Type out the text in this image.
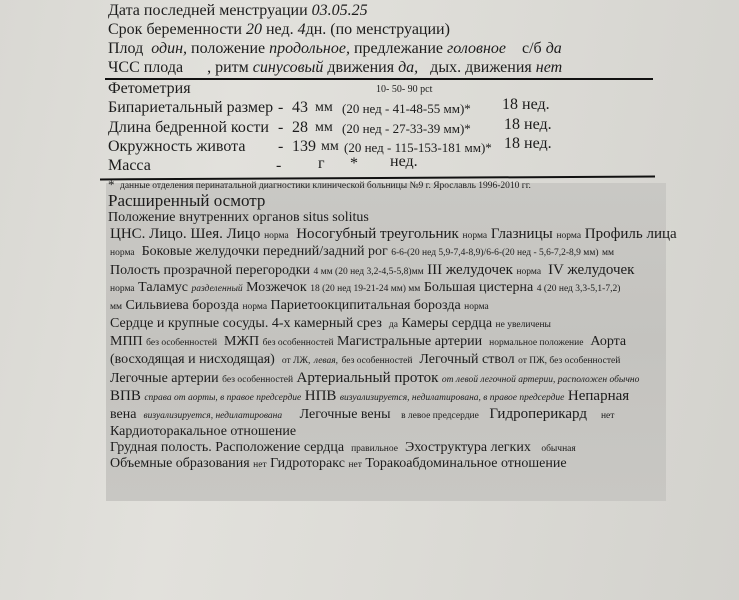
Дата последней менструации 03.05.25
Срок беременности 20 нед. 4дн. (по менструации)
Плод один, положение продольное, предлежание головное с/б да
ЧСС плода , ритм синусовый движения да, дых. движения нет
Фетометрия	10- 50- 90 pct
Бипариетальный размер - 43 мм (20 нед - 41-48-55 мм)* 18 нед.
Длина бедренной кости - 28 мм (20 нед - 27-33-39 мм)* 18 нед.
Окружность живота - 139 мм (20 нед - 115-153-181 мм)* 18 нед.
Масса	- г * нед.
* данные отделения перинатальной диагностики клинической больницы №9 г. Ярославль 1996-2010 гг.
Расширенный осмотр
Положение внутренних органов situs solitus
ЦНС. Лицо. Шея. Лицо норма Носогубный треугольник норма Глазницы норма Профиль лица
норма Боковые желудочки передний/задний рог 6-6-(20 нед 5,9-7,4-8,9)/6-6-(20 нед - 5,6-7,2-8,9 мм) мм
Полость прозрачной перегородки 4 мм (20 нед 3,2-4,5-5,8)мм III желудочек норма IV желудочек
норма Таламус разделенный Мозжечок 18 (20 нед 19-21-24 мм) мм Большая цистерна 4 (20 нед 3,3-5,1-7,2)
мм Сильвиева борозда норма Париетоокципитальная борозда норма
Сердце и крупные сосуды. 4-х камерный срез да Камеры сердца не увеличены
МПП без особенностей МЖП без особенностей Магистральные артерии нормальное положение Аорта
(восходящая и нисходящая) от ЛЖ, левая, без особенностей Легочный ствол от ПЖ, без особенностей
Легочные артерии без особенностей Артериальный проток от левой легочной артерии, расположен обычно
ВПВ справа от аорты, в правое предсердие НПВ визуализируется, недилатирована, в правое предсердие Непарная
вена визуализируется, недилатирована Легочные вены в левое предсердие Гидроперикард нет
Кардиоторакальное отношение
Грудная полость. Расположение сердца правильное Эхоструктура легких обычная
Объемные образования нет Гидроторакс нет Торакоабдоминальное отношение
